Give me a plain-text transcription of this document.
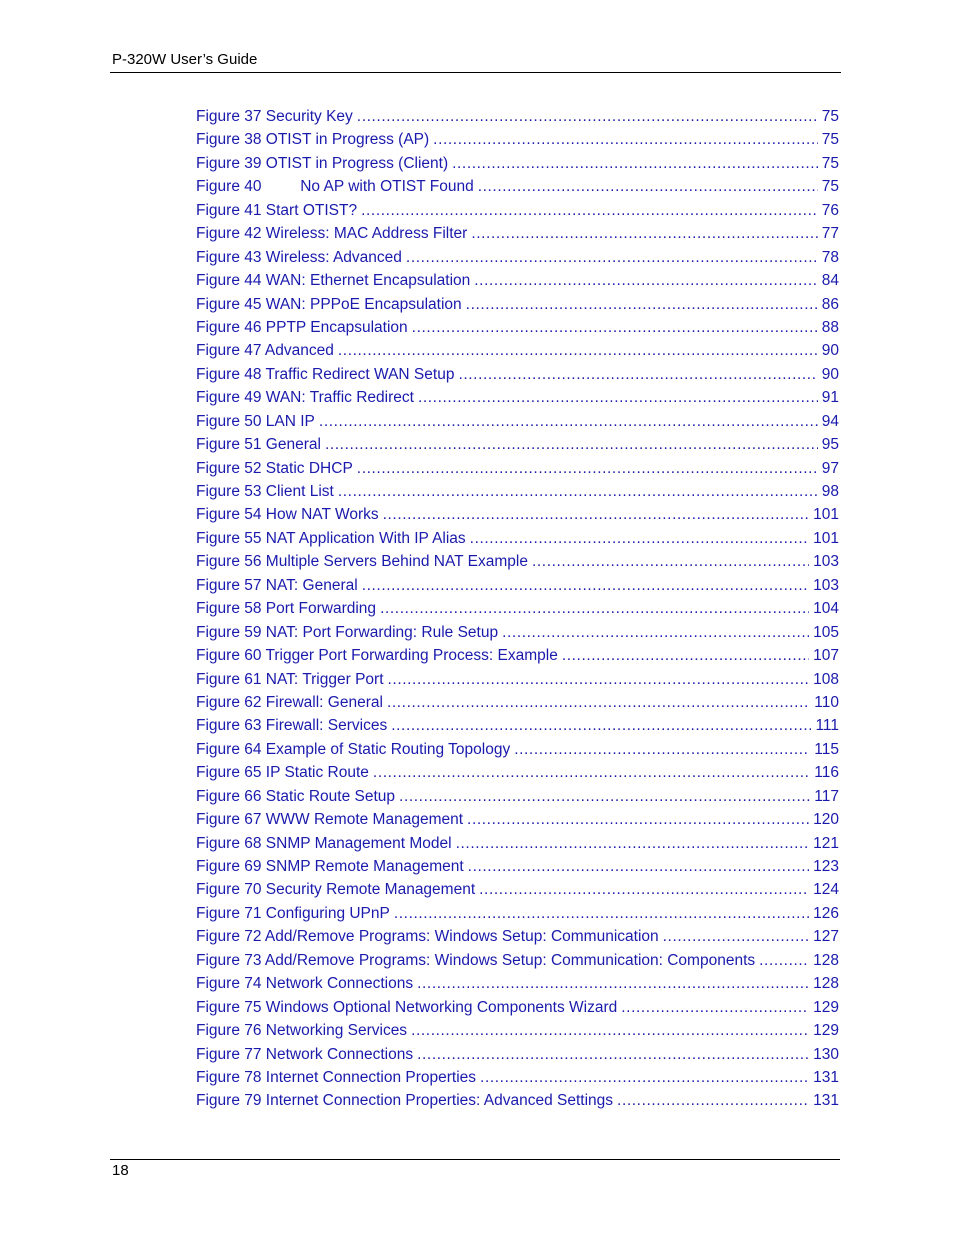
P-320W User’s Guide
Figure 37 Security Key .....	75
Figure 38 OTIST in Progress (AP) .....	75
Figure 39 OTIST in Progress (Client) .....	75
Figure 40         No AP with OTIST Found .....	75
Figure 41 Start OTIST? .....	76
Figure 42 Wireless: MAC Address Filter .....	77
Figure 43 Wireless: Advanced .....	78
Figure 44 WAN: Ethernet Encapsulation .....	84
Figure 45 WAN: PPPoE Encapsulation .....	86
Figure 46 PPTP Encapsulation .....	88
Figure 47 Advanced .....	90
Figure 48 Traffic Redirect WAN Setup .....	90
Figure 49 WAN: Traffic Redirect .....	91
Figure 50 LAN IP .....	94
Figure 51 General .....	95
Figure 52 Static DHCP .....	97
Figure 53 Client List .....	98
Figure 54 How NAT Works .....	101
Figure 55 NAT Application With IP Alias .....	101
Figure 56 Multiple Servers Behind NAT Example .....	103
Figure 57 NAT: General .....	103
Figure 58 Port Forwarding .....	104
Figure 59 NAT: Port Forwarding: Rule Setup .....	105
Figure 60 Trigger Port Forwarding Process: Example .....	107
Figure 61 NAT: Trigger Port .....	108
Figure 62 Firewall: General .....	110
Figure 63 Firewall: Services .....	111
Figure 64 Example of Static Routing Topology .....	115
Figure 65 IP Static Route .....	116
Figure 66 Static Route Setup .....	117
Figure 67 WWW Remote Management .....	120
Figure 68 SNMP Management Model .....	121
Figure 69 SNMP Remote Management .....	123
Figure 70 Security Remote Management .....	124
Figure 71 Configuring UPnP .....	126
Figure 72 Add/Remove Programs: Windows Setup: Communication .....	127
Figure 73 Add/Remove Programs: Windows Setup: Communication: Components .....	128
Figure 74 Network Connections .....	128
Figure 75 Windows Optional Networking Components Wizard .....	129
Figure 76 Networking Services .....	129
Figure 77 Network Connections .....	130
Figure 78 Internet Connection Properties .....	131
Figure 79 Internet Connection Properties: Advanced Settings .....	131
18
